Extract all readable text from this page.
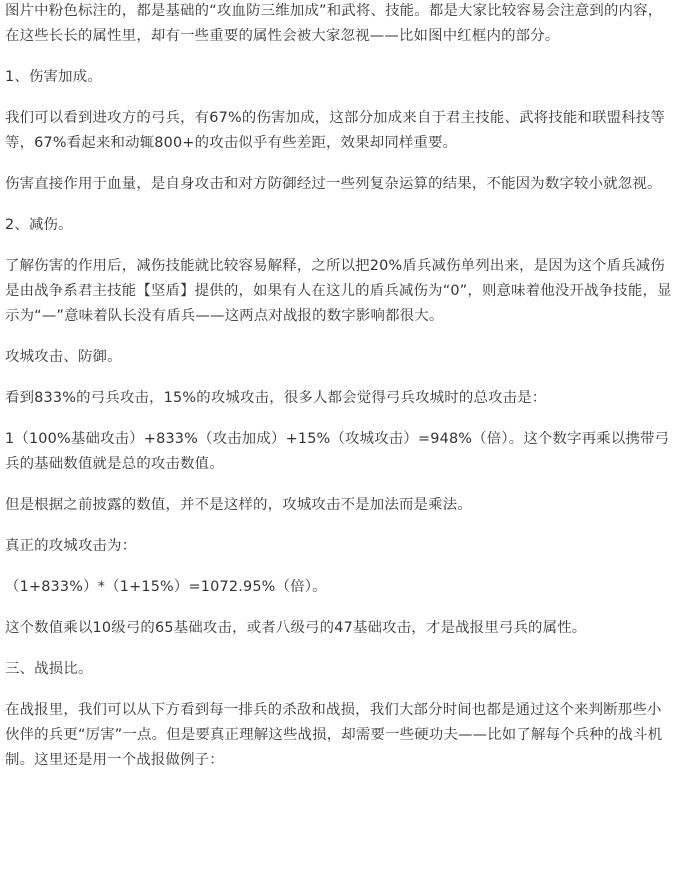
图片中粉色标注的，都是基础的“攻血防三维加成”和武将、技能。都是大家比较容易会注意到的内容，在这些长长的属性里，却有一些重要的属性会被大家忽视——比如图中红框内的部分。

1、伤害加成。

我们可以看到进攻方的弓兵，有67%的伤害加成，这部分加成来自于君主技能、武将技能和联盟科技等等，67%看起来和动辄800+的攻击似乎有些差距，效果却同样重要。

伤害直接作用于血量，是自身攻击和对方防御经过一些列复杂运算的结果，不能因为数字较小就忽视。

2、减伤。

了解伤害的作用后，减伤技能就比较容易解释，之所以把20%盾兵减伤单列出来，是因为这个盾兵减伤是由战争系君主技能【坚盾】提供的，如果有人在这儿的盾兵减伤为“0”，则意味着他没开战争技能，显示为“—”意味着队长没有盾兵——这两点对战报的数字影响都很大。

攻城攻击、防御。

看到833%的弓兵攻击，15%的攻城攻击，很多人都会觉得弓兵攻城时的总攻击是：

1（100%基础攻击）+833%（攻击加成）+15%（攻城攻击）=948%（倍）。这个数字再乘以携带弓兵的基础数值就是总的攻击数值。

但是根据之前披露的数值，并不是这样的，攻城攻击不是加法而是乘法。

真正的攻城攻击为：

（1+833%）*（1+15%）=1072.95%（倍）。

这个数值乘以10级弓的65基础攻击，或者八级弓的47基础攻击，才是战报里弓兵的属性。

三、战损比。

在战报里，我们可以从下方看到每一排兵的杀敌和战损，我们大部分时间也都是通过这个来判断那些小伙伴的兵更“厉害”一点。但是要真正理解这些战损，却需要一些硬功夫——比如了解每个兵种的战斗机制。这里还是用一个战报做例子：
